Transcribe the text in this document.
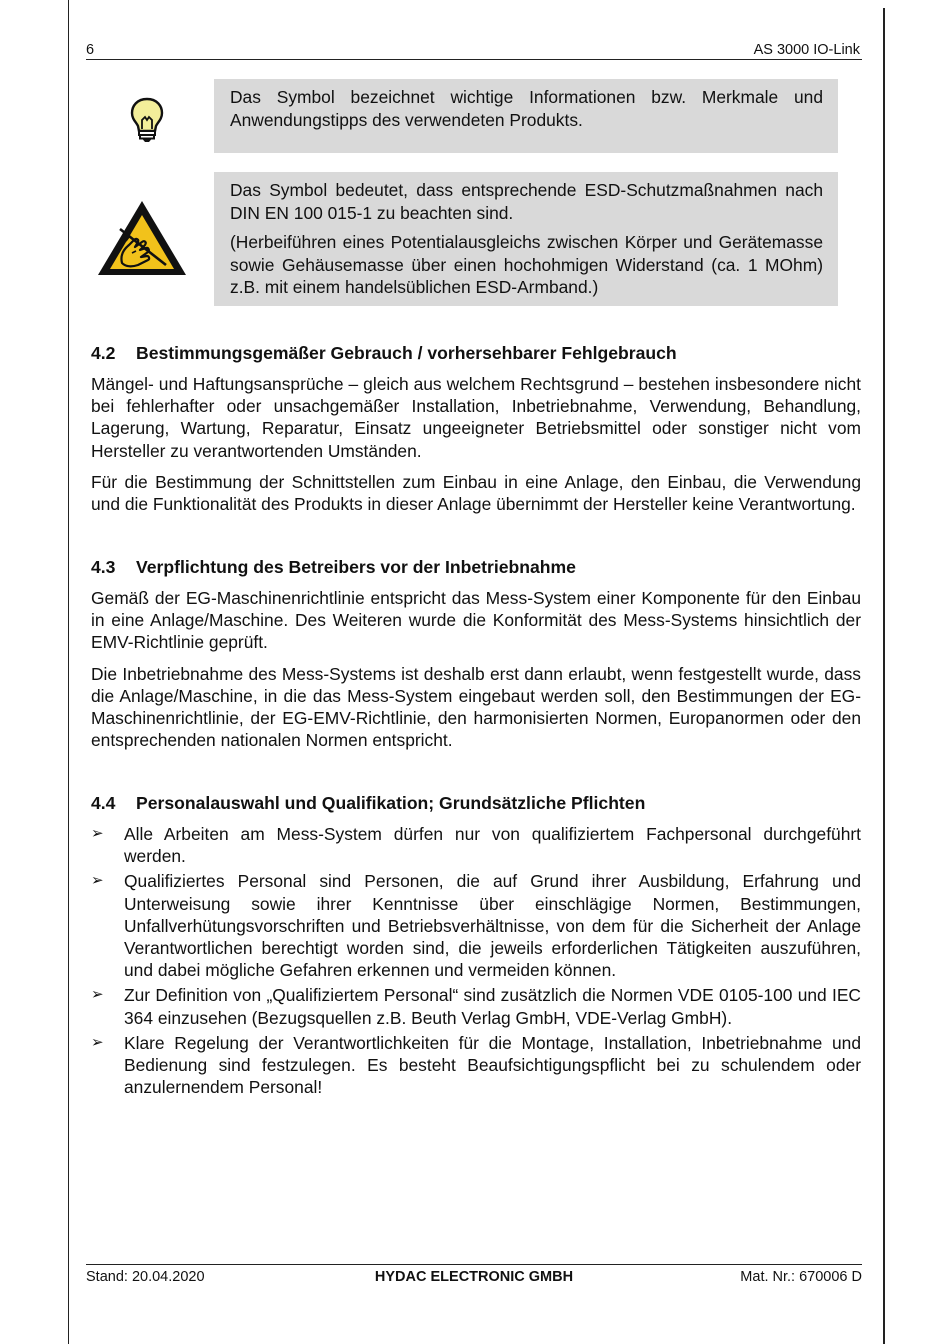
6	AS 3000 IO-Link

Das Symbol bezeichnet wichtige Informationen bzw. Merkmale und Anwendungstipps des verwendeten Produkts.

Das Symbol bedeutet, dass entsprechende ESD-Schutzmaßnahmen nach DIN EN 100 015-1 zu beachten sind.

(Herbeiführen eines Potentialausgleichs zwischen Körper und Gerätemasse sowie Gehäusemasse über einen hochohmigen Widerstand (ca. 1 MOhm) z.B. mit einem handelsüblichen ESD-Armband.)

4.2 Bestimmungsgemäßer Gebrauch / vorhersehbarer Fehlgebrauch

Mängel- und Haftungsansprüche – gleich aus welchem Rechtsgrund – bestehen insbesondere nicht bei fehlerhafter oder unsachgemäßer Installation, Inbetriebnahme, Verwendung, Behandlung, Lagerung, Wartung, Reparatur, Einsatz ungeeigneter Betriebsmittel oder sonstiger nicht vom Hersteller zu verantwortenden Umständen.

Für die Bestimmung der Schnittstellen zum Einbau in eine Anlage, den Einbau, die Verwendung und die Funktionalität des Produkts in dieser Anlage übernimmt der Hersteller keine Verantwortung.

4.3 Verpflichtung des Betreibers vor der Inbetriebnahme

Gemäß der EG-Maschinenrichtlinie entspricht das Mess-System einer Komponente für den Einbau in eine Anlage/Maschine. Des Weiteren wurde die Konformität des Mess-Systems hinsichtlich der EMV-Richtlinie geprüft.

Die Inbetriebnahme des Mess-Systems ist deshalb erst dann erlaubt, wenn festgestellt wurde, dass die Anlage/Maschine, in die das Mess-System eingebaut werden soll, den Bestimmungen der EG-Maschinenrichtlinie, der EG-EMV-Richtlinie, den harmonisierten Normen, Europanormen oder den entsprechenden nationalen Normen entspricht.

4.4 Personalauswahl und Qualifikation; Grundsätzliche Pflichten
➢ Alle Arbeiten am Mess-System dürfen nur von qualifiziertem Fachpersonal durchgeführt werden.
➢ Qualifiziertes Personal sind Personen, die auf Grund ihrer Ausbildung, Erfahrung und Unterweisung sowie ihrer Kenntnisse über einschlägige Normen, Bestimmungen, Unfallverhütungsvorschriften und Betriebsverhältnisse, von dem für die Sicherheit der Anlage Verantwortlichen berechtigt worden sind, die jeweils erforderlichen Tätigkeiten auszuführen, und dabei mögliche Gefahren erkennen und vermeiden können.
➢ Zur Definition von „Qualifiziertem Personal“ sind zusätzlich die Normen VDE 0105-100 und IEC 364 einzusehen (Bezugsquellen z.B. Beuth Verlag GmbH, VDE-Verlag GmbH).
➢ Klare Regelung der Verantwortlichkeiten für die Montage, Installation, Inbetriebnahme und Bedienung sind festzulegen. Es besteht Beaufsichtigungspflicht bei zu schulendem oder anzulernendem Personal!
Stand: 20.04.2020	HYDAC ELECTRONIC GMBH	Mat. Nr.: 670006 D
